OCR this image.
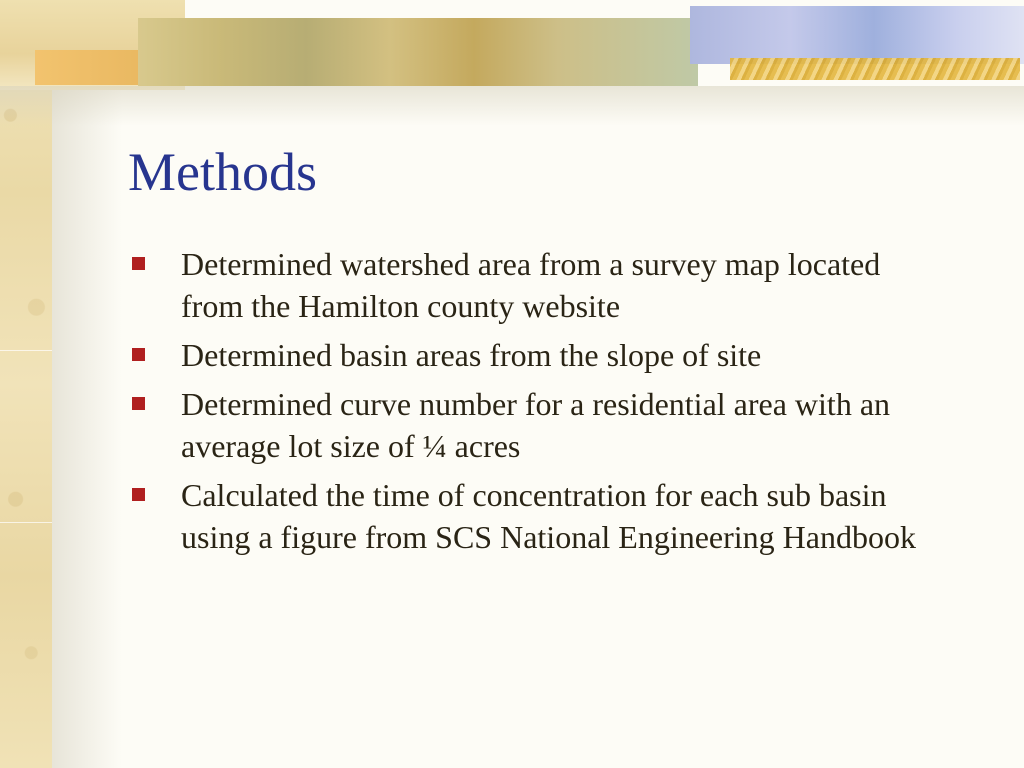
Methods
Determined watershed area from a survey map located from the Hamilton county website
Determined basin areas from the slope of site
Determined curve number for a residential area with an average lot size of ¼ acres
Calculated the time of concentration for each sub basin using a figure from SCS National Engineering Handbook
